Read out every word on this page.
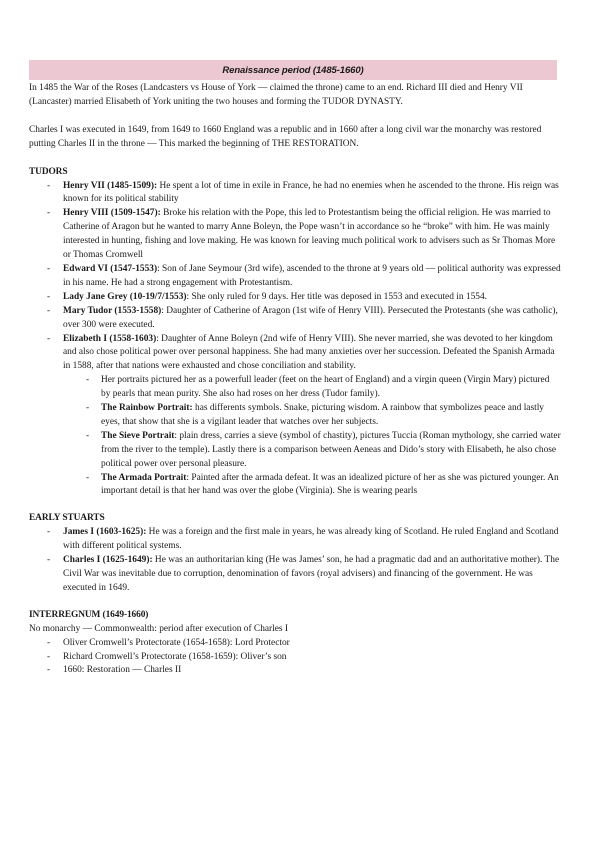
Renaissance period (1485-1660)

In 1485 the War of the Roses (Landcasters vs House of York — claimed the throne) came to an end. Richard III died and Henry VII (Lancaster) married Elisabeth of York uniting the two houses and forming the TUDOR DYNASTY.

Charles I was executed in 1649, from 1649 to 1660 England was a republic and in 1660 after a long civil war the monarchy was restored putting Charles II in the throne — This marked the beginning of THE RESTORATION.

TUDORS

- Henry VII (1485-1509): He spent a lot of time in exile in France, he had no enemies when he ascended to the throne. His reign was known for its political stability
- Henry VIII (1509-1547): Broke his relation with the Pope, this led to Protestantism being the official religion. He was married to Catherine of Aragon but he wanted to marry Anne Boleyn, the Pope wasn’t in accordance so he “broke” with him. He was mainly interested in hunting, fishing and love making. He was known for leaving much political work to advisers such as Sr Thomas More or Thomas Cromwell
- Edward VI (1547-1553): Son of Jane Seymour (3rd wife), ascended to the throne at 9 years old — political authority was expressed in his name. He had a strong engagement with Protestantism.
- Lady Jane Grey (10-19/7/1553): She only ruled for 9 days. Her title was deposed in 1553 and executed in 1554.
- Mary Tudor (1553-1558): Daughter of Catherine of Aragon (1st wife of Henry VIII). Persecuted the Protestants (she was catholic), over 300 were executed.
- Elizabeth I (1558-1603): Daughter of Anne Boleyn (2nd wife of Henry VIII). She never married, she was devoted to her kingdom and also chose political power over personal happiness. She had many anxieties over her succession. Defeated the Spanish Armada in 1588, after that nations were exhausted and chose conciliation and stability.
- Her portraits pictured her as a powerfull leader (feet on the heart of England) and a virgin queen (Virgin Mary) pictured by pearls that mean purity. She also had roses on her dress (Tudor family).
- The Rainbow Portrait: has differents symbols. Snake, picturing wisdom. A rainbow that symbolizes peace and lastly eyes, that show that she is a vigilant leader that watches over her subjects.
- The Sieve Portrait: plain dress, carries a sieve (symbol of chastity), pictures Tuccia (Roman mythology, she carried water from the river to the temple). Lastly there is a comparison between Aeneas and Dido’s story with Elisabeth, he also chose political power over personal pleasure.
- The Armada Portrait: Painted after the armada defeat. It was an idealized picture of her as she was pictured younger. An important detail is that her hand was over the globe (Virginia). She is wearing pearls

EARLY STUARTS

- James I (1603-1625): He was a foreign and the first male in years, he was already king of Scotland. He ruled England and Scotland with different political systems.
- Charles I (1625-1649): He was an authoritarian king (He was James’ son, he had a pragmatic dad and an authoritative mother). The Civil War was inevitable due to corruption, denomination of favors (royal advisers) and financing of the government. He was executed in 1649.

INTERREGNUM (1649-1660)

No monarchy — Commonwealth: period after execution of Charles I

- Oliver Cromwell’s Protectorate (1654-1658): Lord Protector
- Richard Cromwell’s Protectorate (1658-1659): Oliver’s son
- 1660: Restoration — Charles II
